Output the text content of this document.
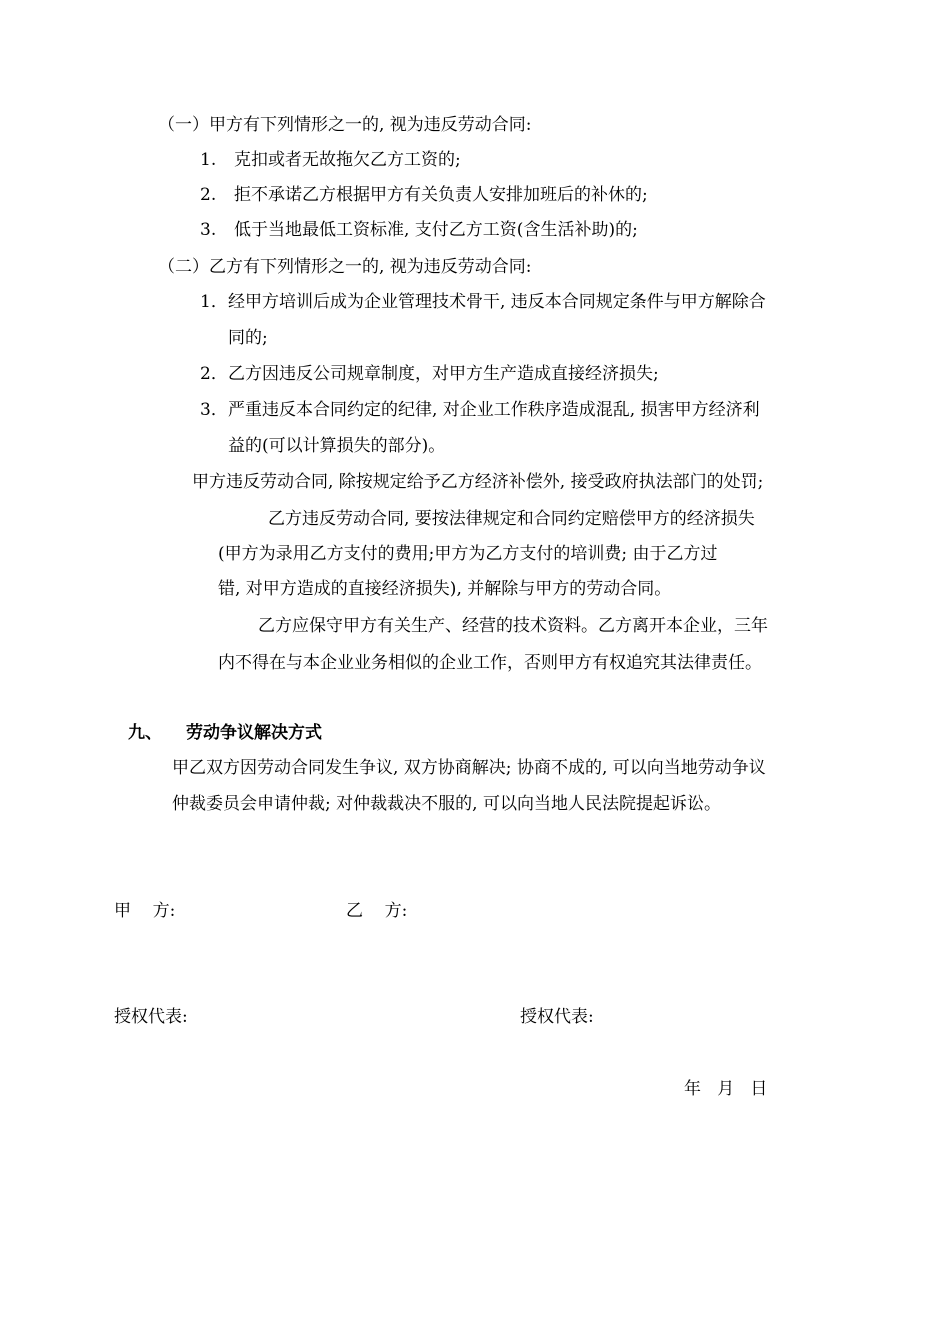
（一）甲方有下列情形之一的, 视为违反劳动合同:
1. 克扣或者无故拖欠乙方工资的;
2. 拒不承诺乙方根据甲方有关负责人安排加班后的补休的;
3. 低于当地最低工资标准, 支付乙方工资(含生活补助)的;
（二）乙方有下列情形之一的, 视为违反劳动合同:
1．经甲方培训后成为企业管理技术骨干, 违反本合同规定条件与甲方解除合
同的;
2．乙方因违反公司规章制度，对甲方生产造成直接经济损失;
3．严重违反本合同约定的纪律, 对企业工作秩序造成混乱, 损害甲方经济利
益的(可以计算损失的部分)。
甲方违反劳动合同, 除按规定给予乙方经济补偿外, 接受政府执法部门的处罚;
乙方违反劳动合同, 要按法律规定和合同约定赔偿甲方的经济损失
(甲方为录用乙方支付的费用;甲方为乙方支付的培训费; 由于乙方过
错, 对甲方造成的直接经济损失), 并解除与甲方的劳动合同。
乙方应保守甲方有关生产、经营的技术资料。乙方离开本企业，三年
内不得在与本企业业务相似的企业工作，否则甲方有权追究其法律责任。
九、 劳动争议解决方式
甲乙双方因劳动合同发生争议, 双方协商解决; 协商不成的, 可以向当地劳动争议
仲裁委员会申请仲裁; 对仲裁裁决不服的, 可以向当地人民法院提起诉讼。
甲    方:	乙    方:
授权代表:	授权代表:
年   月   日
